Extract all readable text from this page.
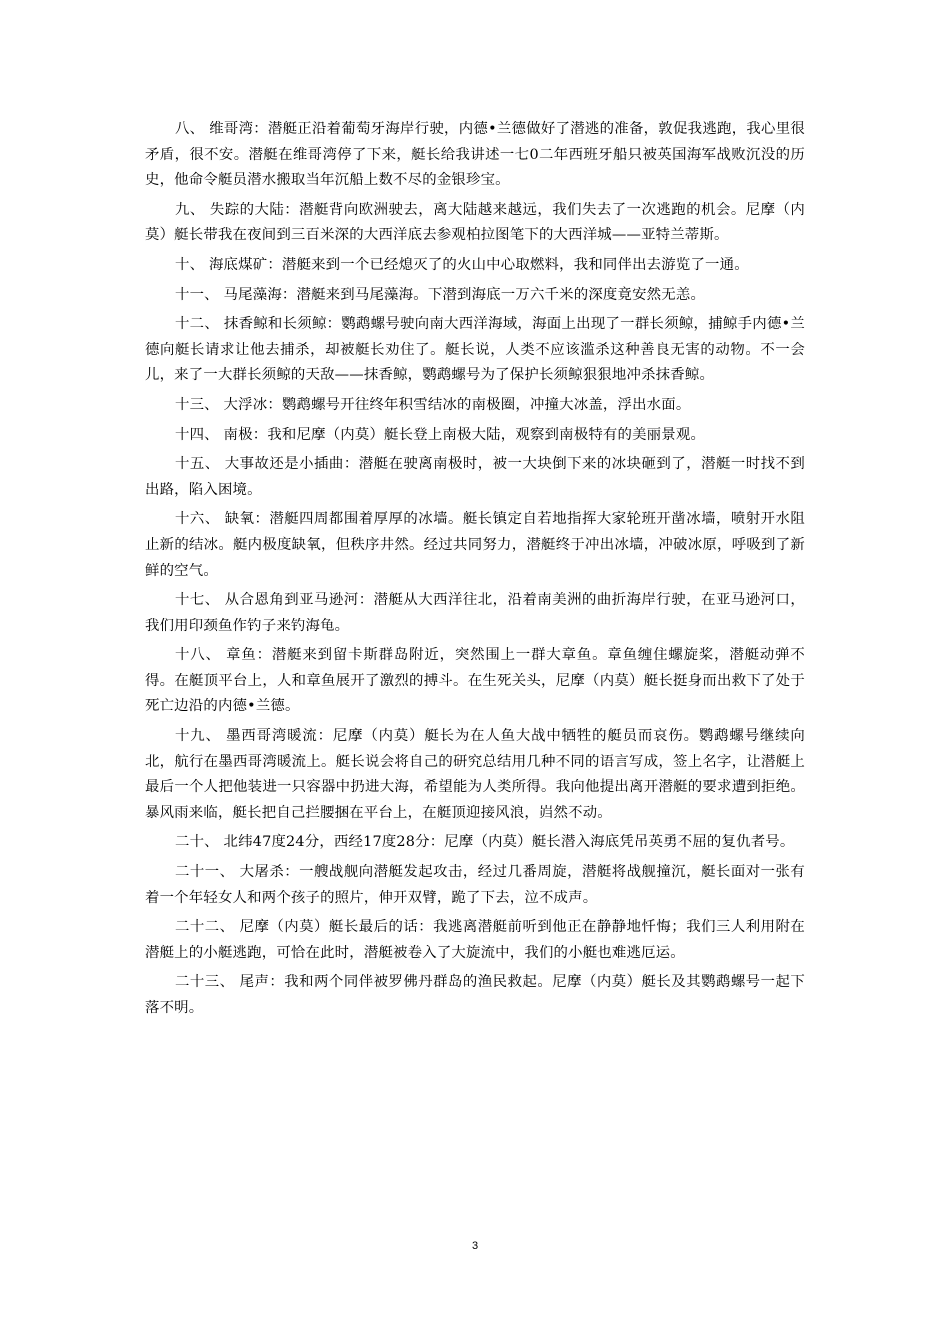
八、 维哥湾：潜艇正沿着葡萄牙海岸行驶，内德•兰德做好了潜逃的准备，敦促我逃跑，我心里很矛盾，很不安。潜艇在维哥湾停了下来，艇长给我讲述一七0二年西班牙船只被英国海军战败沉没的历史，他命令艇员潜水搬取当年沉船上数不尽的金银珍宝。

九、 失踪的大陆：潜艇背向欧洲驶去，离大陆越来越远，我们失去了一次逃跑的机会。尼摩（内莫）艇长带我在夜间到三百米深的大西洋底去参观柏拉图笔下的大西洋城——亚特兰蒂斯。

十、 海底煤矿：潜艇来到一个已经熄灭了的火山中心取燃料，我和同伴出去游览了一通。

十一、 马尾藻海：潜艇来到马尾藻海。下潜到海底一万六千米的深度竟安然无恙。

十二、 抹香鲸和长须鲸：鹦鹉螺号驶向南大西洋海域，海面上出现了一群长须鲸，捕鲸手内德•兰德向艇长请求让他去捕杀，却被艇长劝住了。艇长说，人类不应该滥杀这种善良无害的动物。不一会儿，来了一大群长须鲸的天敌——抹香鲸，鹦鹉螺号为了保护长须鲸狠狠地冲杀抹香鲸。

十三、 大浮冰：鹦鹉螺号开往终年积雪结冰的南极圈，冲撞大冰盖，浮出水面。

十四、 南极：我和尼摩（内莫）艇长登上南极大陆，观察到南极特有的美丽景观。

十五、 大事故还是小插曲：潜艇在驶离南极时，被一大块倒下来的冰块砸到了，潜艇一时找不到出路，陷入困境。

十六、 缺氧：潜艇四周都围着厚厚的冰墙。艇长镇定自若地指挥大家轮班开凿冰墙，喷射开水阻止新的结冰。艇内极度缺氧，但秩序井然。经过共同努力，潜艇终于冲出冰墙，冲破冰原，呼吸到了新鲜的空气。

十七、 从合恩角到亚马逊河：潜艇从大西洋往北，沿着南美洲的曲折海岸行驶，在亚马逊河口，我们用印颈鱼作钓子来钓海龟。

十八、 章鱼：潜艇来到留卡斯群岛附近，突然围上一群大章鱼。章鱼缠住螺旋桨，潜艇动弹不得。在艇顶平台上，人和章鱼展开了激烈的搏斗。在生死关头，尼摩（内莫）艇长挺身而出救下了处于死亡边沿的内德•兰德。

十九、 墨西哥湾暖流：尼摩（内莫）艇长为在人鱼大战中牺牲的艇员而哀伤。鹦鹉螺号继续向北，航行在墨西哥湾暖流上。艇长说会将自己的研究总结用几种不同的语言写成，签上名字，让潜艇上最后一个人把他装进一只容器中扔进大海，希望能为人类所得。我向他提出离开潜艇的要求遭到拒绝。暴风雨来临，艇长把自己拦腰捆在平台上，在艇顶迎接风浪，岿然不动。

二十、 北纬47度24分，西经17度28分：尼摩（内莫）艇长潜入海底凭吊英勇不屈的复仇者号。

二十一、 大屠杀：一艘战舰向潜艇发起攻击，经过几番周旋，潜艇将战舰撞沉，艇长面对一张有着一个年轻女人和两个孩子的照片，伸开双臂，跪了下去，泣不成声。

二十二、 尼摩（内莫）艇长最后的话：我逃离潜艇前听到他正在静静地忏悔；我们三人利用附在潜艇上的小艇逃跑，可恰在此时，潜艇被卷入了大旋流中，我们的小艇也难逃厄运。

二十三、 尾声：我和两个同伴被罗佛丹群岛的渔民救起。尼摩（内莫）艇长及其鹦鹉螺号一起下落不明。

3
